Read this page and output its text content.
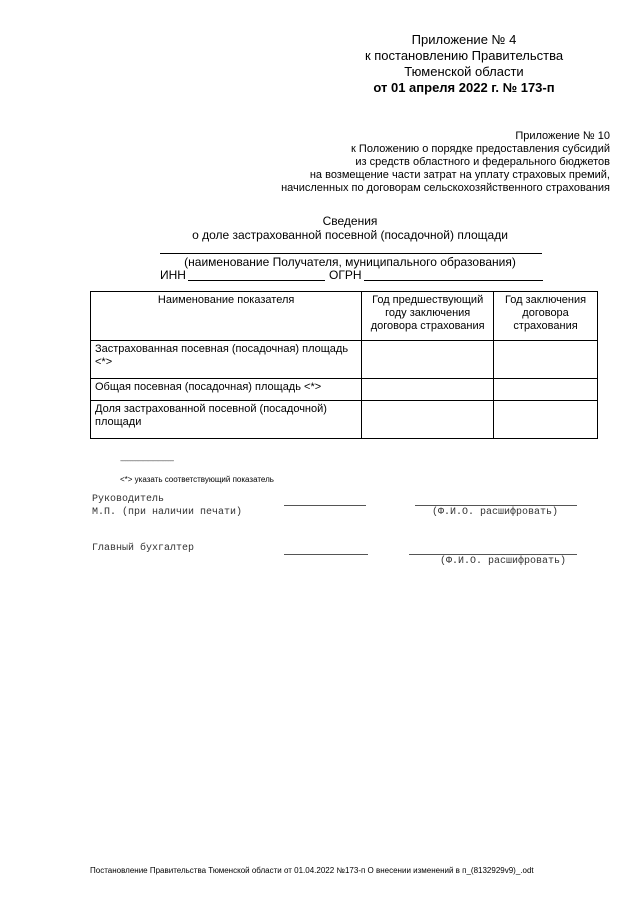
Приложение № 4
к постановлению Правительства
Тюменской области
от 01 апреля 2022 г. № 173-п
Приложение № 10
к Положению о порядке предоставления субсидий
из средств областного и федерального бюджетов
на возмещение части затрат на уплату страховых премий,
начисленных по договорам сельскохозяйственного страхования
Сведения
о доле застрахованной посевной (посадочной) площади
(наименование Получателя, муниципального образования)
ИНН	ОГРН
Наименование показателя	Год предшествующий году заключения договора страхования	Год заключения договора страхования
Застрахованная посевная (посадочная) площадь <*>		
Общая посевная (посадочная) площадь <*>		
Доля застрахованной посевной (посадочной) площади		
--------------------------------
<*> указать соответствующий показатель
Руководитель
М.П. (при наличии печати)	(Ф.И.О. расшифровать)
Главный бухгалтер
(Ф.И.О. расшифровать)
Постановление Правительства Тюменской области от 01.04.2022 №173-п О внесении изменений в п_(8132929v9)_.odt
